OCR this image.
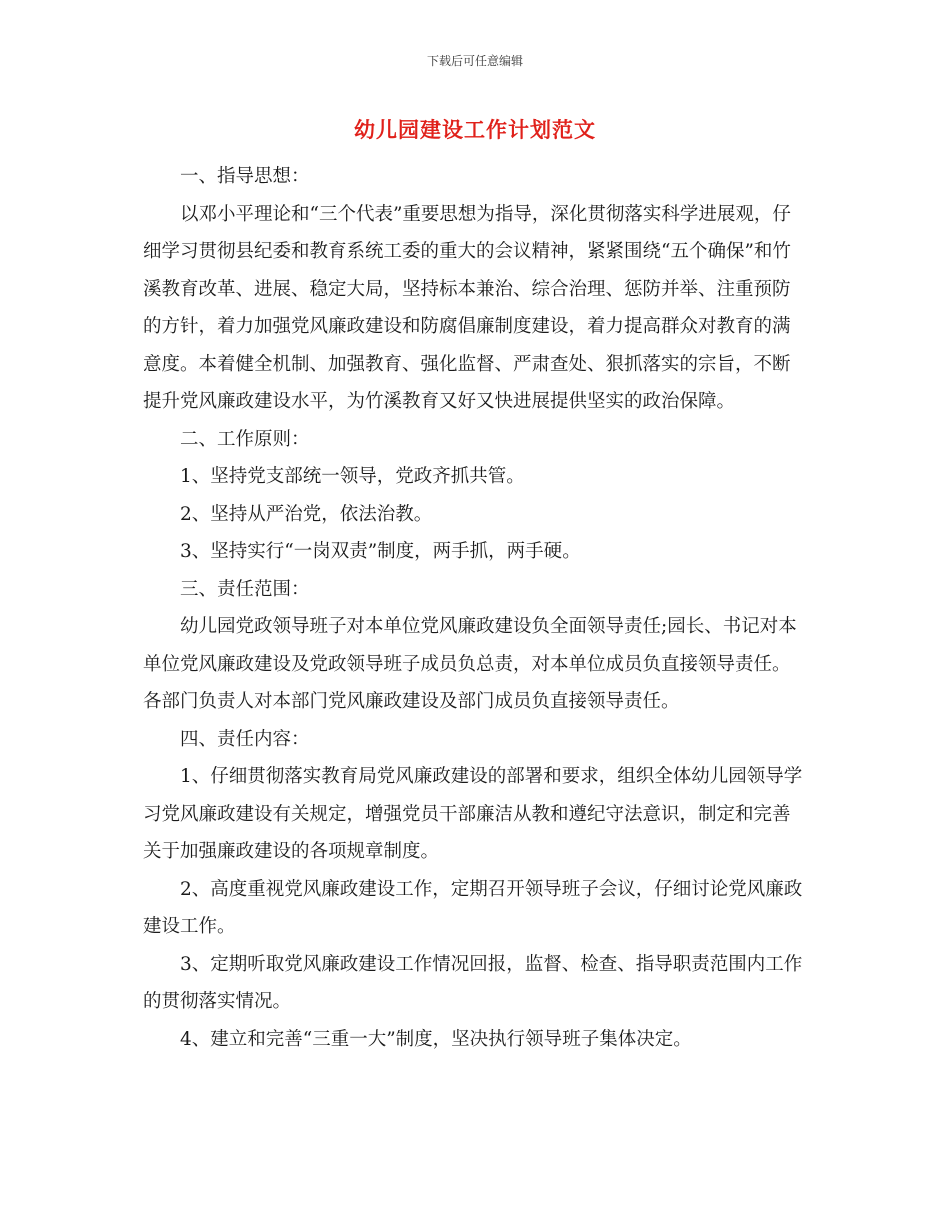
下载后可任意编辑
幼儿园建设工作计划范文

一、指导思想：

以邓小平理论和“三个代表”重要思想为指导，深化贯彻落实科学进展观，仔细学习贯彻县纪委和教育系统工委的重大的会议精神，紧紧围绕“五个确保”和竹溪教育改革、进展、稳定大局，坚持标本兼治、综合治理、惩防并举、注重预防的方针，着力加强党风廉政建设和防腐倡廉制度建设，着力提高群众对教育的满意度。本着健全机制、加强教育、强化监督、严肃查处、狠抓落实的宗旨，不断提升党风廉政建设水平，为竹溪教育又好又快进展提供坚实的政治保障。

二、工作原则：

1、坚持党支部统一领导，党政齐抓共管。

2、坚持从严治党，依法治教。

3、坚持实行“一岗双责”制度，两手抓，两手硬。

三、责任范围：

幼儿园党政领导班子对本单位党风廉政建设负全面领导责任;园长、书记对本单位党风廉政建设及党政领导班子成员负总责，对本单位成员负直接领导责任。各部门负责人对本部门党风廉政建设及部门成员负直接领导责任。

四、责任内容：

1、仔细贯彻落实教育局党风廉政建设的部署和要求，组织全体幼儿园领导学习党风廉政建设有关规定，增强党员干部廉洁从教和遵纪守法意识，制定和完善关于加强廉政建设的各项规章制度。

2、高度重视党风廉政建设工作，定期召开领导班子会议，仔细讨论党风廉政建设工作。

3、定期听取党风廉政建设工作情况回报，监督、检查、指导职责范围内工作的贯彻落实情况。

4、建立和完善“三重一大”制度，坚决执行领导班子集体决定。
